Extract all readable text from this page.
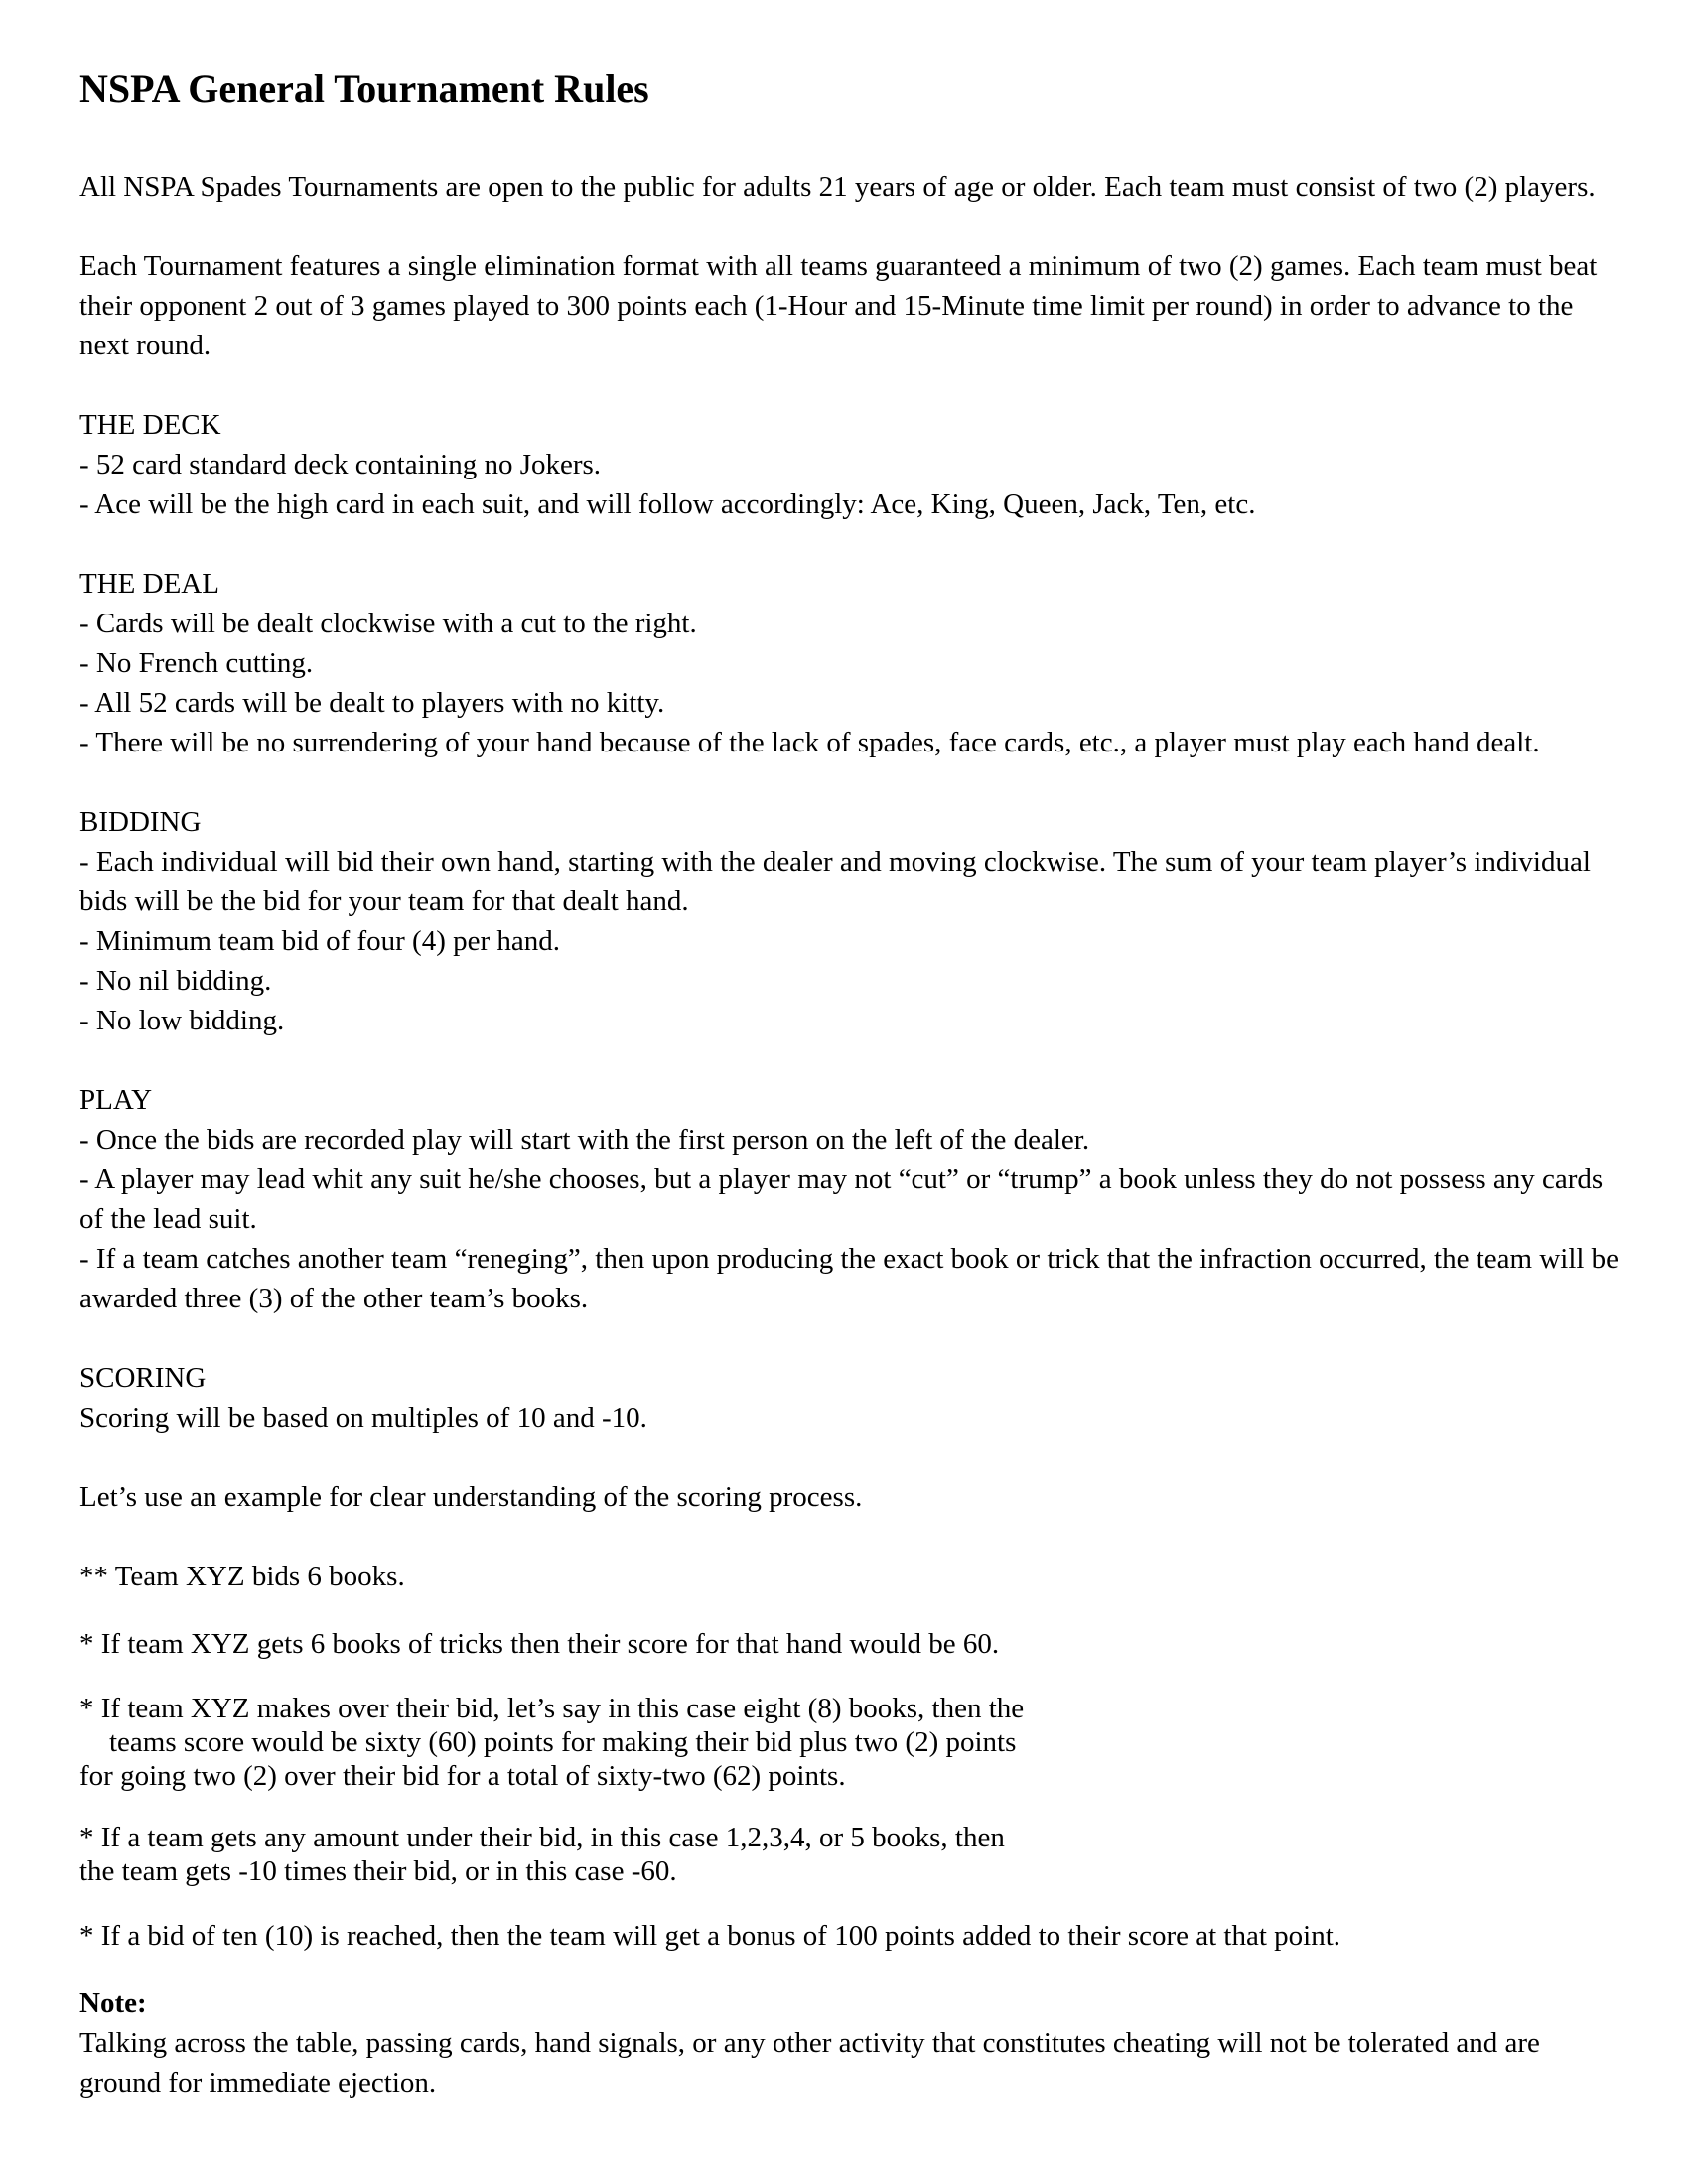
NSPA General Tournament Rules

All NSPA Spades Tournaments are open to the public for adults 21 years of age or older. Each team must consist of two (2) players.

Each Tournament features a single elimination format with all teams guaranteed a minimum of two (2) games. Each team must beat their opponent 2 out of 3 games played to 300 points each (1-Hour and 15-Minute time limit per round) in order to advance to the next round.

THE DECK
- 52 card standard deck containing no Jokers.
- Ace will be the high card in each suit, and will follow accordingly: Ace, King, Queen, Jack, Ten, etc.
THE DEAL
- Cards will be dealt clockwise with a cut to the right.
- No French cutting.
- All 52 cards will be dealt to players with no kitty.
- There will be no surrendering of your hand because of the lack of spades, face cards, etc., a player must play each hand dealt.
BIDDING
- Each individual will bid their own hand, starting with the dealer and moving clockwise. The sum of your team player’s individual bids will be the bid for your team for that dealt hand.
- Minimum team bid of four (4) per hand.
- No nil bidding.
- No low bidding.
PLAY
- Once the bids are recorded play will start with the first person on the left of the dealer.
- A player may lead whit any suit he/she chooses, but a player may not “cut” or “trump” a book unless they do not possess any cards of the lead suit.
- If a team catches another team “reneging”, then upon producing the exact book or trick that the infraction occurred, the team will be awarded three (3) of the other team’s books.
SCORING
Scoring will be based on multiples of 10 and -10.
Let’s use an example for clear understanding of the scoring process.
** Team XYZ bids 6 books.
* If team XYZ gets 6 books of tricks then their score for that hand would be 60.
* If team XYZ makes over their bid, let’s say in this case eight (8) books, then the
teams score would be sixty (60) points for making their bid plus two (2) points
for going two (2) over their bid for a total of sixty-two (62) points.
* If a team gets any amount under their bid, in this case 1,2,3,4, or 5 books, then
the team gets -10 times their bid, or in this case -60.
* If a bid of ten (10) is reached, then the team will get a bonus of 100 points added to their score at that point.
Note:

Talking across the table, passing cards, hand signals, or any other activity that constitutes cheating will not be tolerated and are ground for immediate ejection.
